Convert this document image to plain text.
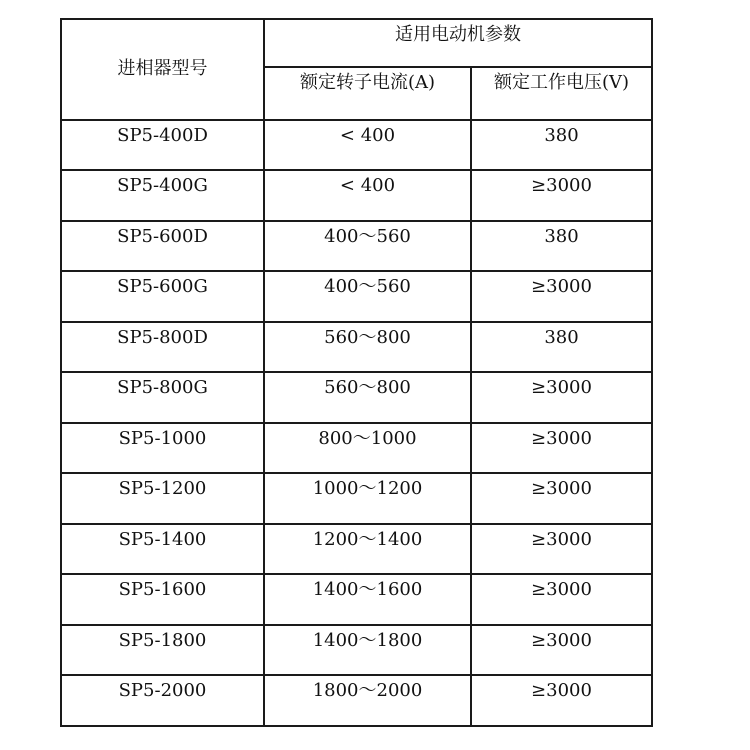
进相器型号	适用电动机参数	
	额定转子电流(A)	额定工作电压(V)
SP5-400D	< 400	380
SP5-400G	< 400	≥3000
SP5-600D	400～560	380
SP5-600G	400～560	≥3000
SP5-800D	560～800	380
SP5-800G	560～800	≥3000
SP5-1000	800～1000	≥3000
SP5-1200	1000～1200	≥3000
SP5-1400	1200～1400	≥3000
SP5-1600	1400～1600	≥3000
SP5-1800	1400～1800	≥3000
SP5-2000	1800～2000	≥3000
